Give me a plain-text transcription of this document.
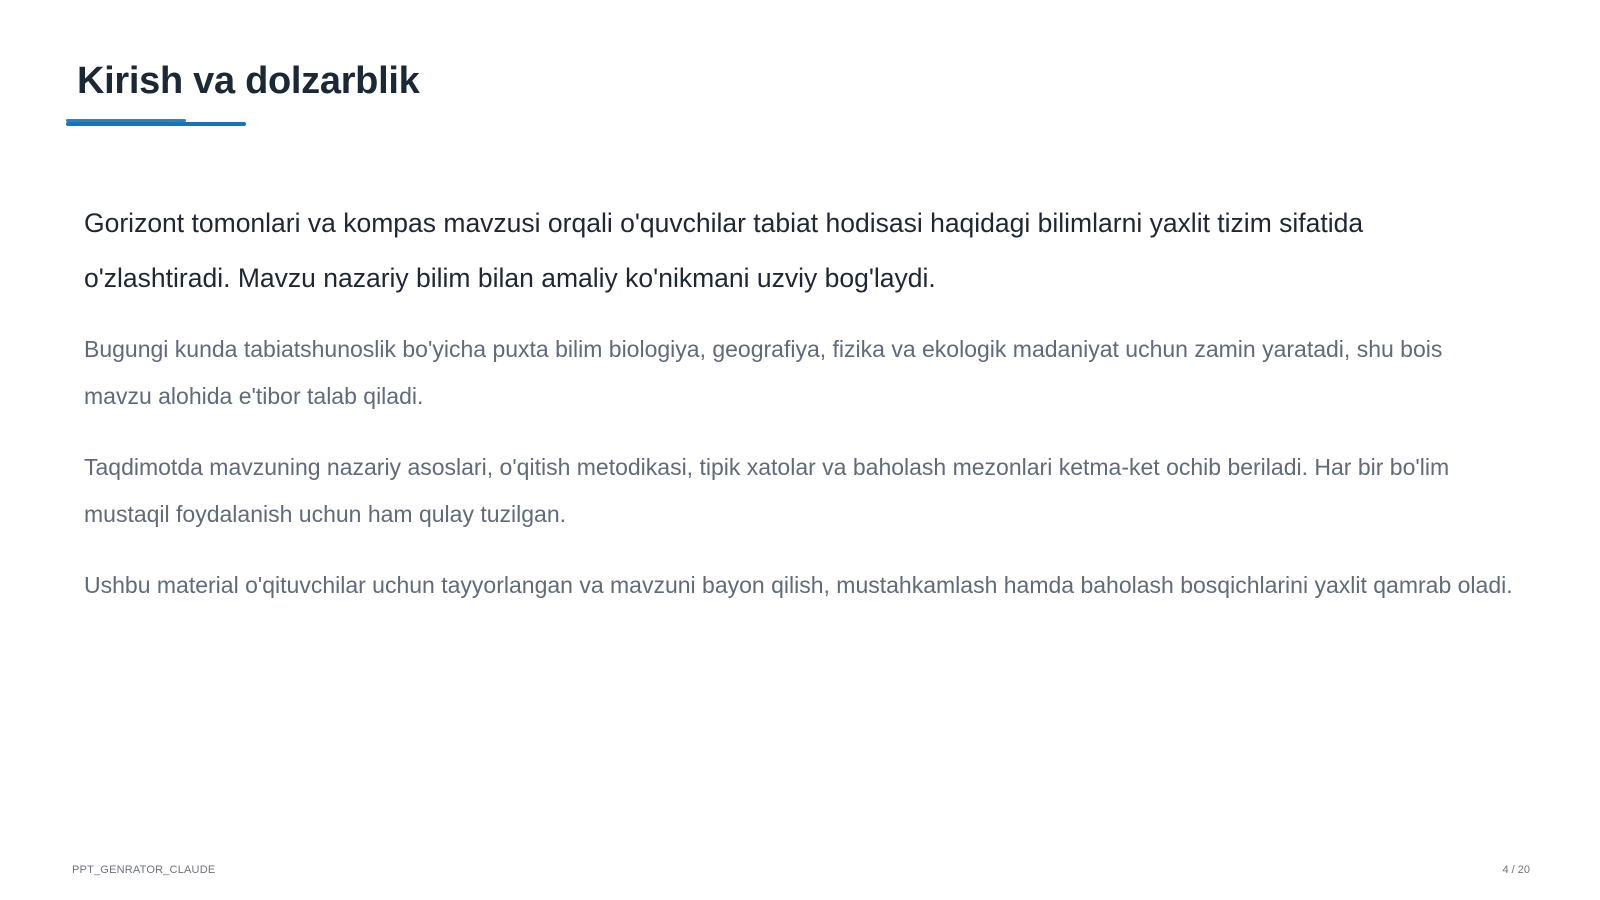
Kirish va dolzarblik

Gorizont tomonlari va kompas mavzusi orqali o'quvchilar tabiat hodisasi haqidagi bilimlarni yaxlit tizim sifatida o'zlashtiradi. Mavzu nazariy bilim bilan amaliy ko'nikmani uzviy bog'laydi.

Bugungi kunda tabiatshunoslik bo'yicha puxta bilim biologiya, geografiya, fizika va ekologik madaniyat uchun zamin yaratadi, shu bois mavzu alohida e'tibor talab qiladi.

Taqdimotda mavzuning nazariy asoslari, o'qitish metodikasi, tipik xatolar va baholash mezonlari ketma-ket ochib beriladi. Har bir bo'lim mustaqil foydalanish uchun ham qulay tuzilgan.

Ushbu material o'qituvchilar uchun tayyorlangan va mavzuni bayon qilish, mustahkamlash hamda baholash bosqichlarini yaxlit qamrab oladi.

PPT_GENRATOR_CLAUDE	4 / 20
